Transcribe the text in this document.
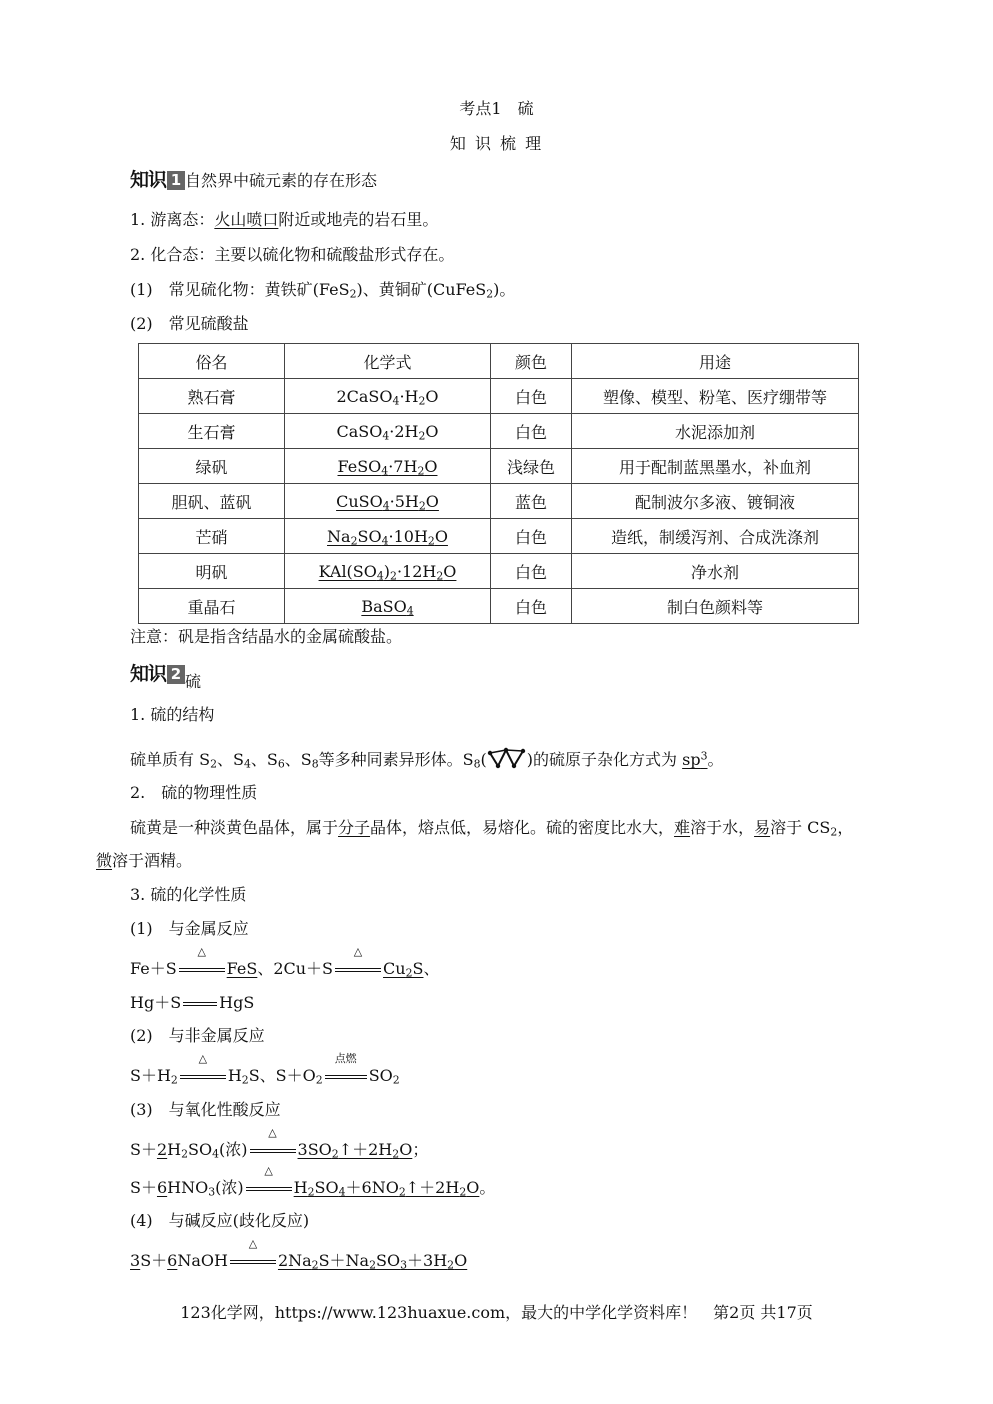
考点1　硫
知 识 梳 理
知识 1 自然界中硫元素的存在形态
1. 游离态：火山喷口附近或地壳的岩石里。
2. 化合态：主要以硫化物和硫酸盐形式存在。
(1)　常见硫化物：黄铁矿(FeS$_2$)、黄铜矿(CuFeS$_2$)。
(2)　常见硫酸盐
俗名	化学式	颜色	用途
熟石膏	$2CaSO_4\cdot H_2O$	白色	塑像、模型、粉笔、医疗绷带等
生石膏	$CaSO_4\cdot 2H_2O$	白色	水泥添加剂
绿矾	$FeSO_4\cdot 7H_2O$	浅绿色	用于配制蓝黑墨水，补血剂
胆矾、蓝矾	$CuSO_4\cdot 5H_2O$	蓝色	配制波尔多液、镀铜液
芒硝	$Na_2SO_4\cdot 10H_2O$	白色	造纸，制缓泻剂、合成洗涤剂
明矾	$KAl(SO_4)_2\cdot 12H_2O$	白色	净水剂
重晶石	BaSO$_4$	白色	制白色颜料等
注意：矾是指含结晶水的金属硫酸盐。
知识 2 硫
1. 硫的结构
硫单质有 $S_2$、$S_4$、$S_6$、$S_8$等多种同素异形体。$S_8$(	)的硫原子杂化方式为 $sp^3$。
2.　硫的物理性质
硫黄是一种淡黄色晶体，属于分子晶体，熔点低，易熔化。硫的密度比水大，难溶于水，易溶于 $CS_2$，
微溶于酒精。
3. 硫的化学性质
(1)　与金属反应
Fe＋S
△
FeS、2Cu＋S
△
$Cu_2S$、
Hg＋S HgS
(2)　与非金属反应
$S+H_2$
△
$H_2S$、$S+O_2$
点燃
$SO_2$
(3)　与氧化性酸反应
$S+2H_2SO_4$(浓)
△
$3SO_2↑+2H_2O$；
$S+6HNO_3$(浓)
△
$H_2SO_4+6NO_2↑+2H_2O$。
(4)　与碱反应(歧化反应)
3S＋6NaOH
△
$2Na_2S+Na_2SO_3+3H_2O$
123化学网，https://www.123huaxue.com，最大的中学化学资料库！　第2页 共17页
